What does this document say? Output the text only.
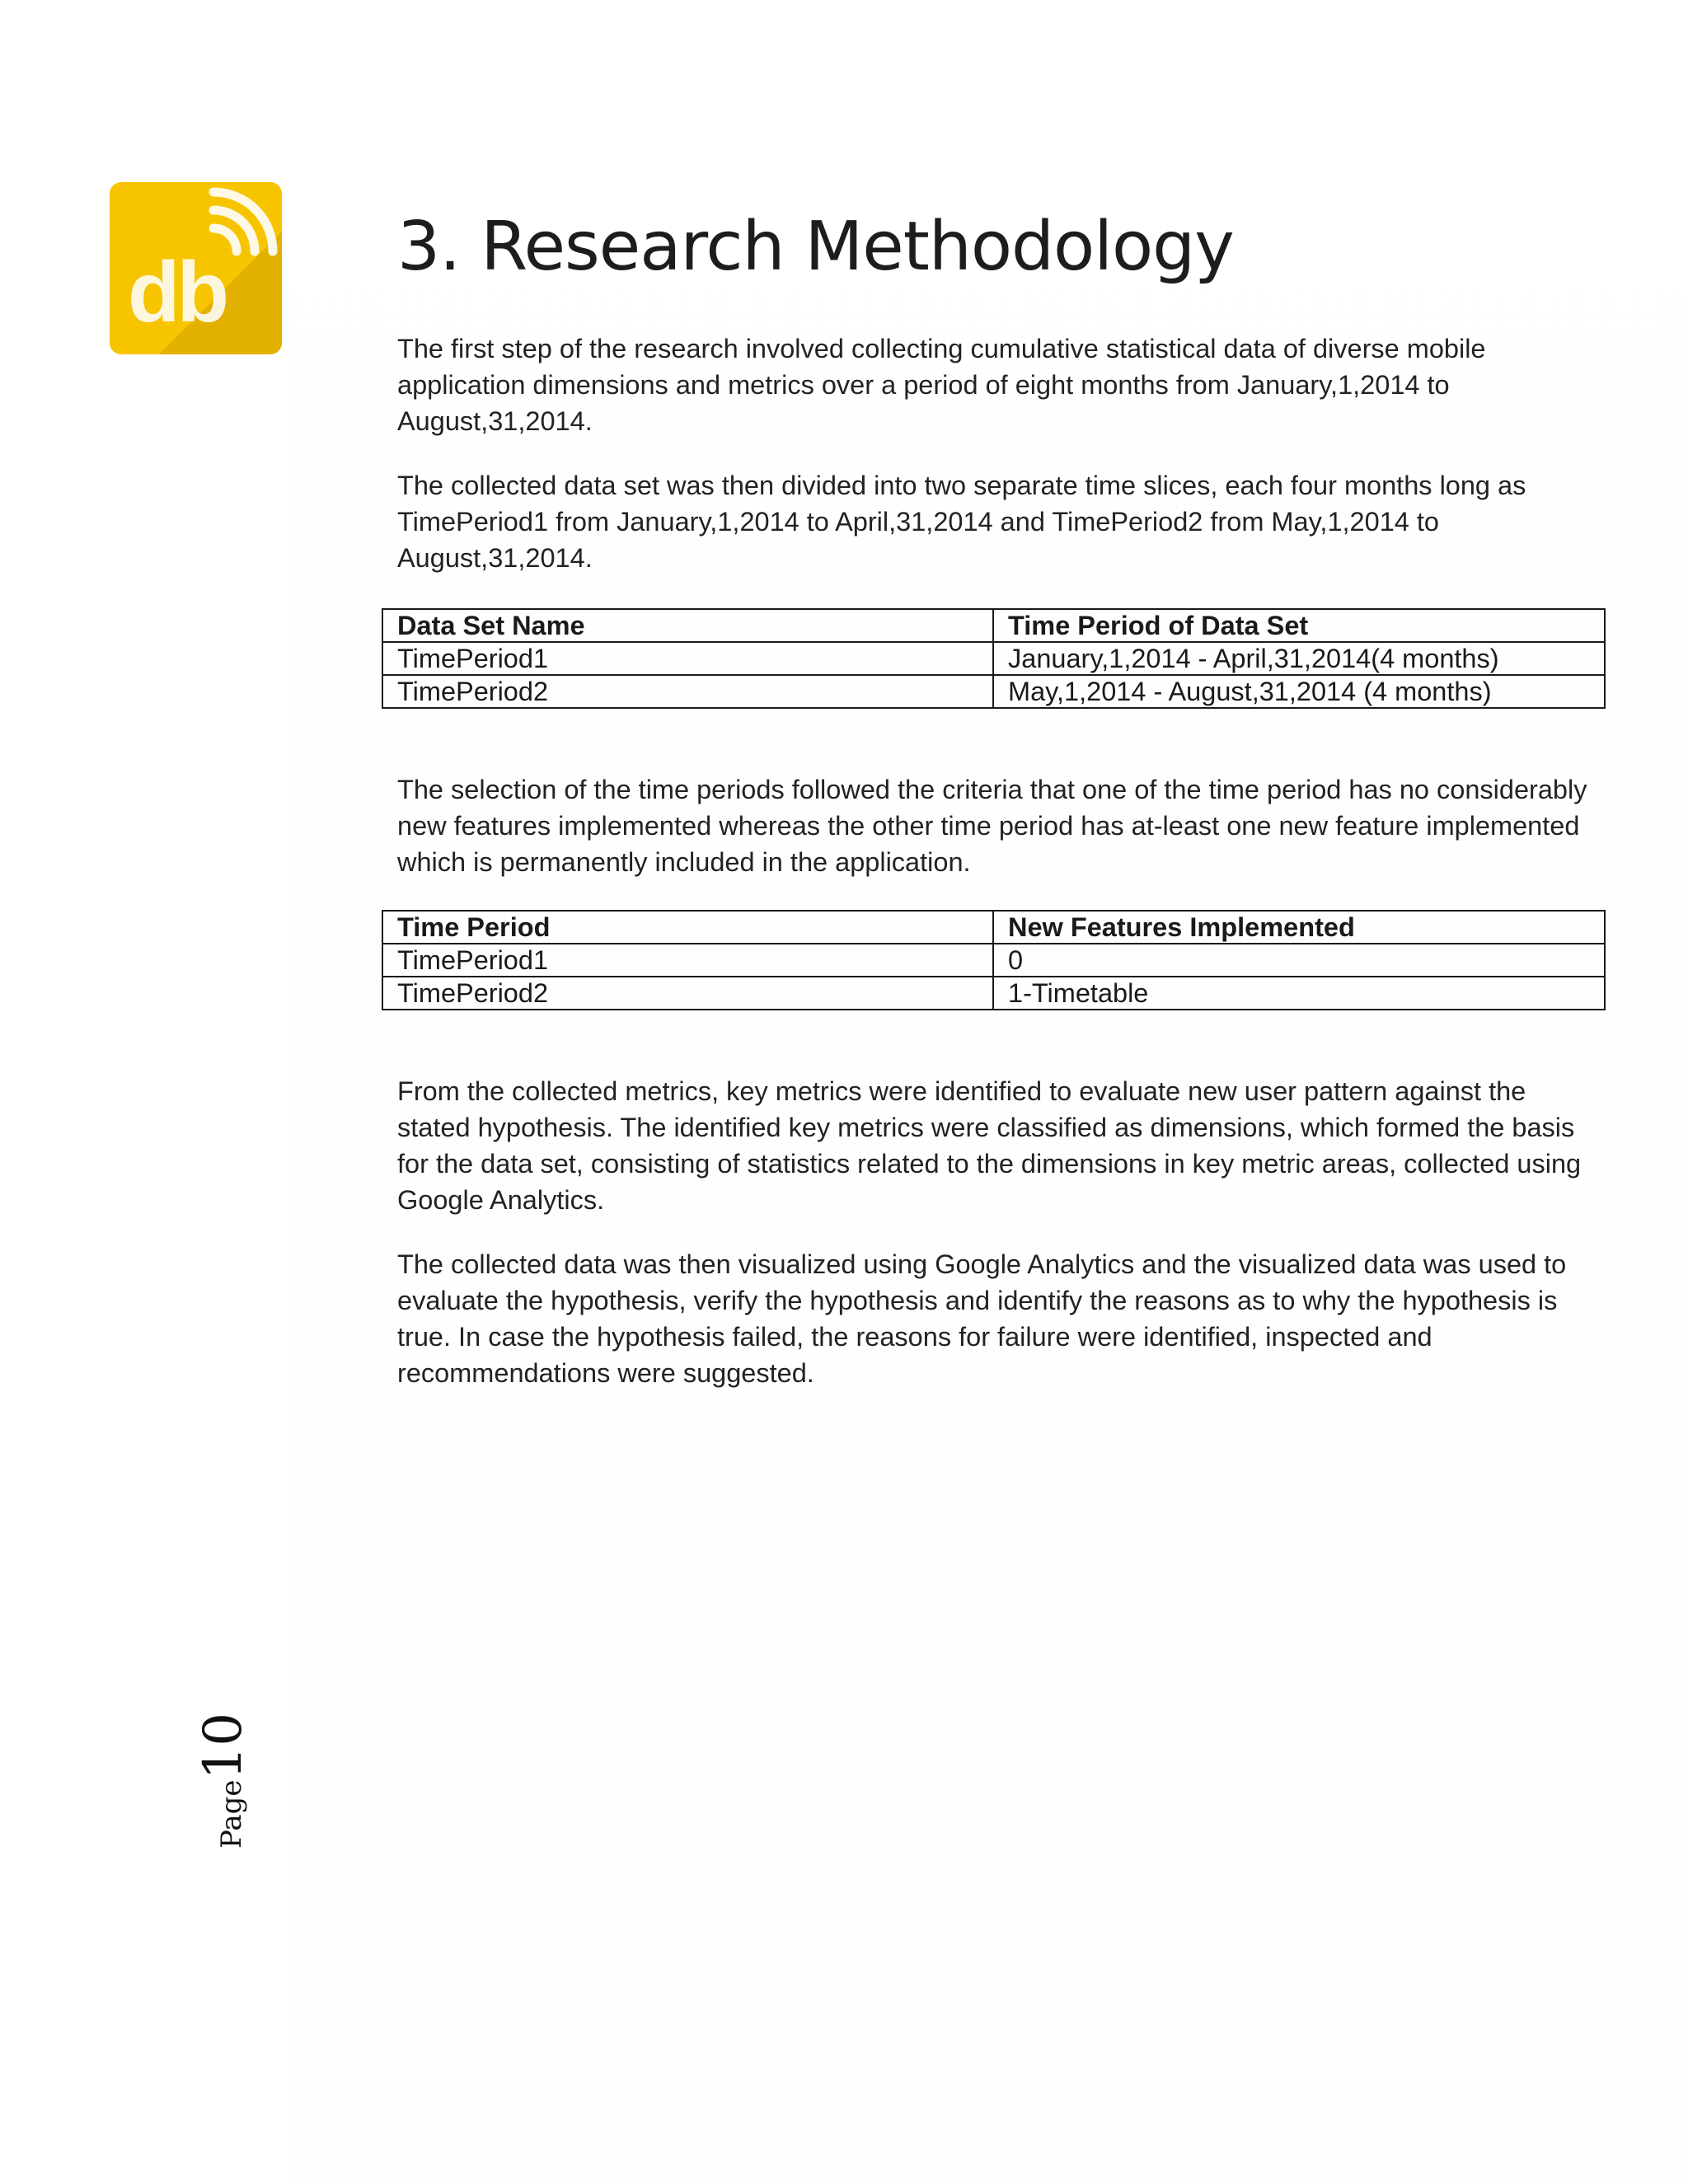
db	3. Research Methodology

The first step of the research involved collecting cumulative statistical data of diverse mobile application dimensions and metrics over a period of eight months from January,1,2014 to August,31,2014.

The collected data set was then divided into two separate time slices, each four months long as TimePeriod1 from January,1,2014 to April,31,2014 and TimePeriod2 from May,1,2014 to August,31,2014.

Data Set Name	Time Period of Data Set
TimePeriod1	January,1,2014 - April,31,2014(4 months)
TimePeriod2	May,1,2014 - August,31,2014 (4 months)

The selection of the time periods followed the criteria that one of the time period has no considerably new features implemented whereas the other time period has at-least one new feature implemented which is permanently included in the application.

Time Period	New Features Implemented
TimePeriod1	0
TimePeriod2	1-Timetable

From the collected metrics, key metrics were identified to evaluate new user pattern against the stated hypothesis. The identified key metrics were classified as dimensions, which formed the basis for the data set, consisting of statistics related to the dimensions in key metric areas, collected using Google Analytics.

The collected data was then visualized using Google Analytics and the visualized data was used to evaluate the hypothesis, verify the hypothesis and identify the reasons as to why the hypothesis is true. In case the hypothesis failed, the reasons for failure were identified, inspected and recommendations were suggested.

Page10
